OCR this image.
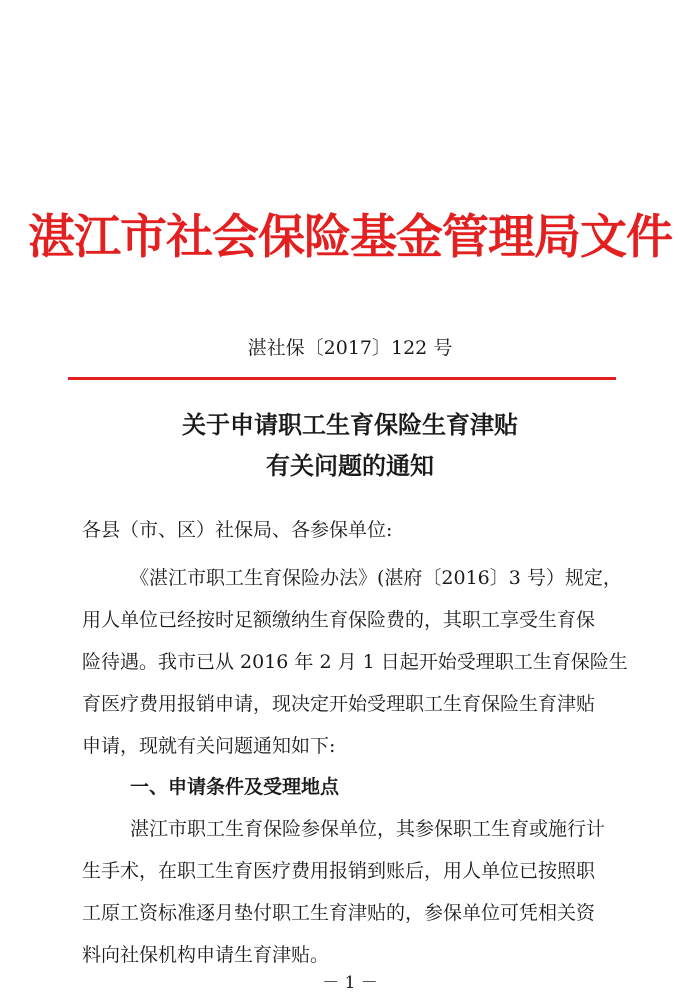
湛江市社会保险基金管理局文件
湛社保〔2017〕122 号
关于申请职工生育保险生育津贴
有关问题的通知
各县（市、区）社保局、各参保单位:
《湛江市职工生育保险办法》(湛府〔2016〕3 号）规定，
用人单位已经按时足额缴纳生育保险费的，其职工享受生育保
险待遇。我市已从 2016 年 2 月 1 日起开始受理职工生育保险生
育医疗费用报销申请，现决定开始受理职工生育保险生育津贴
申请，现就有关问题通知如下:
一、申请条件及受理地点
湛江市职工生育保险参保单位，其参保职工生育或施行计
生手术，在职工生育医疗费用报销到账后，用人单位已按照职
工原工资标准逐月垫付职工生育津贴的，参保单位可凭相关资
料向社保机构申请生育津贴。
－ 1 －
